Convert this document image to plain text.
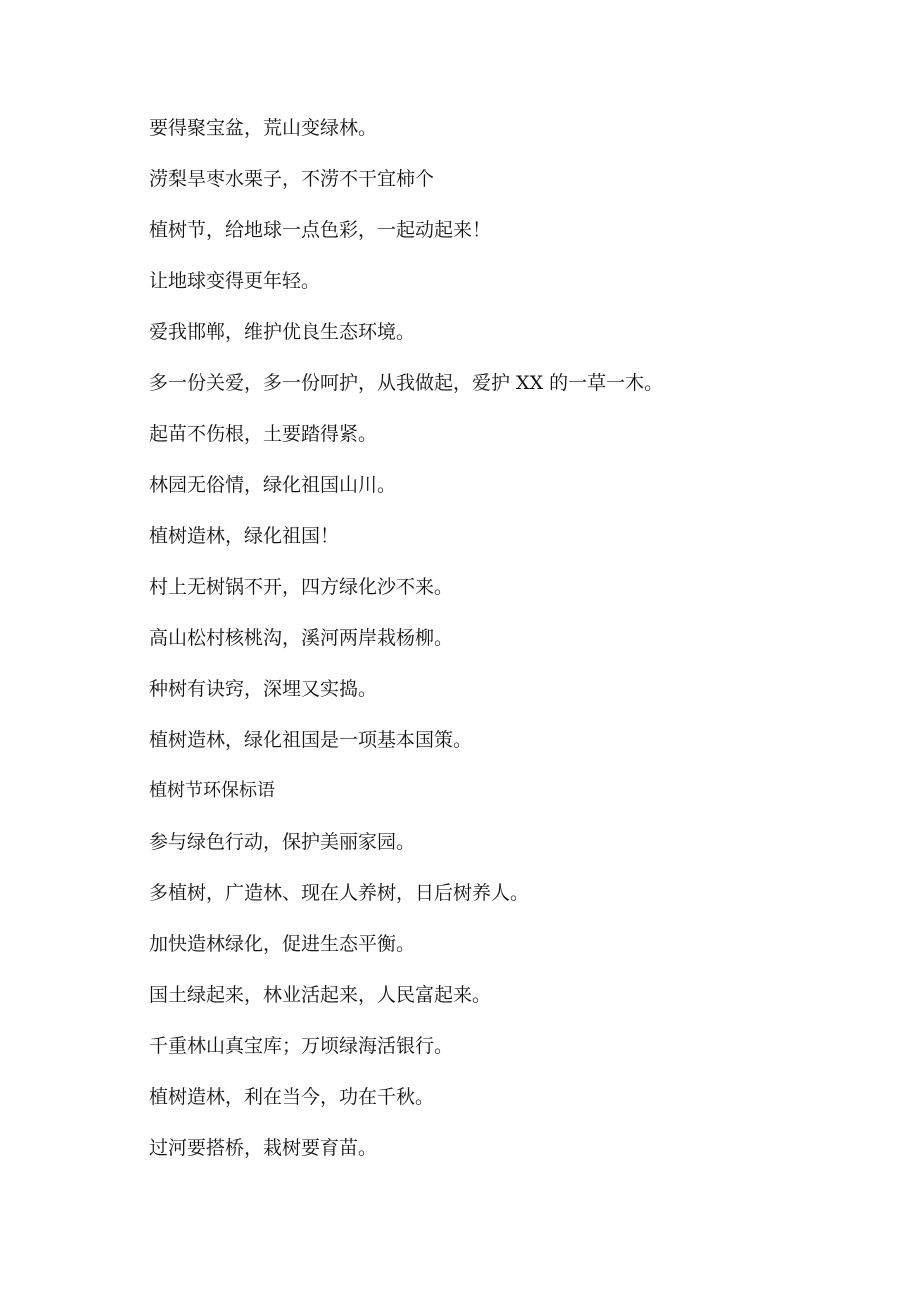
要得聚宝盆，荒山变绿林。
涝梨旱枣水栗子，不涝不干宜柿个
植树节，给地球一点色彩，一起动起来！
让地球变得更年轻。
爱我邯郸，维护优良生态环境。
多一份关爱，多一份呵护，从我做起，爱护 XX 的一草一木。
起苗不伤根，土要踏得紧。
林园无俗情，绿化祖国山川。
植树造林，绿化祖国！
村上无树锅不开，四方绿化沙不来。
高山松村核桃沟，溪河两岸栽杨柳。
种树有诀窍，深埋又实捣。
植树造林，绿化祖国是一项基本国策。
植树节环保标语
参与绿色行动，保护美丽家园。
多植树，广造林、现在人养树，日后树养人。
加快造林绿化，促进生态平衡。
国土绿起来，林业活起来，人民富起来。
千重林山真宝库；万顷绿海活银行。
植树造林，利在当今，功在千秋。
过河要搭桥，栽树要育苗。
